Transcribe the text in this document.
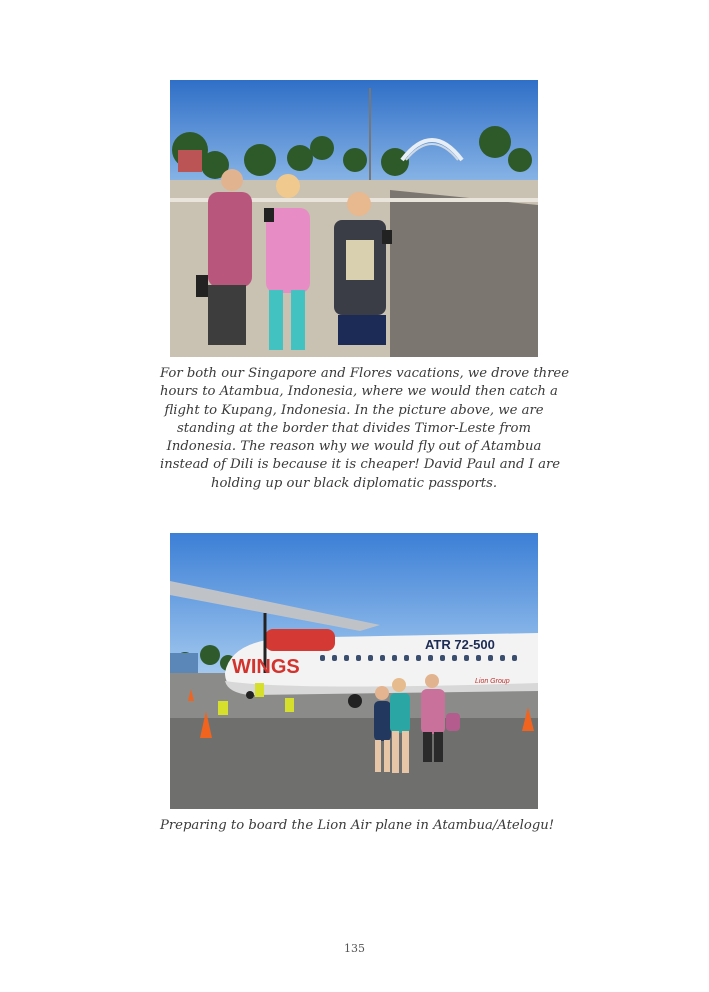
For both our Singapore and Flores vacations, we drove three
hours to Atambua, Indonesia, where we would then catch a
flight to Kupang, Indonesia. In the picture above, we are
standing at the border that divides Timor-Leste from
Indonesia. The reason why we would fly out of Atambua
instead of Dili is because it is cheaper! David Paul and I are
holding up our black diplomatic passports.
WINGS
ATR 72-500
Lion Group
Preparing to board the Lion Air plane in Atambua/Atelogu!
135
